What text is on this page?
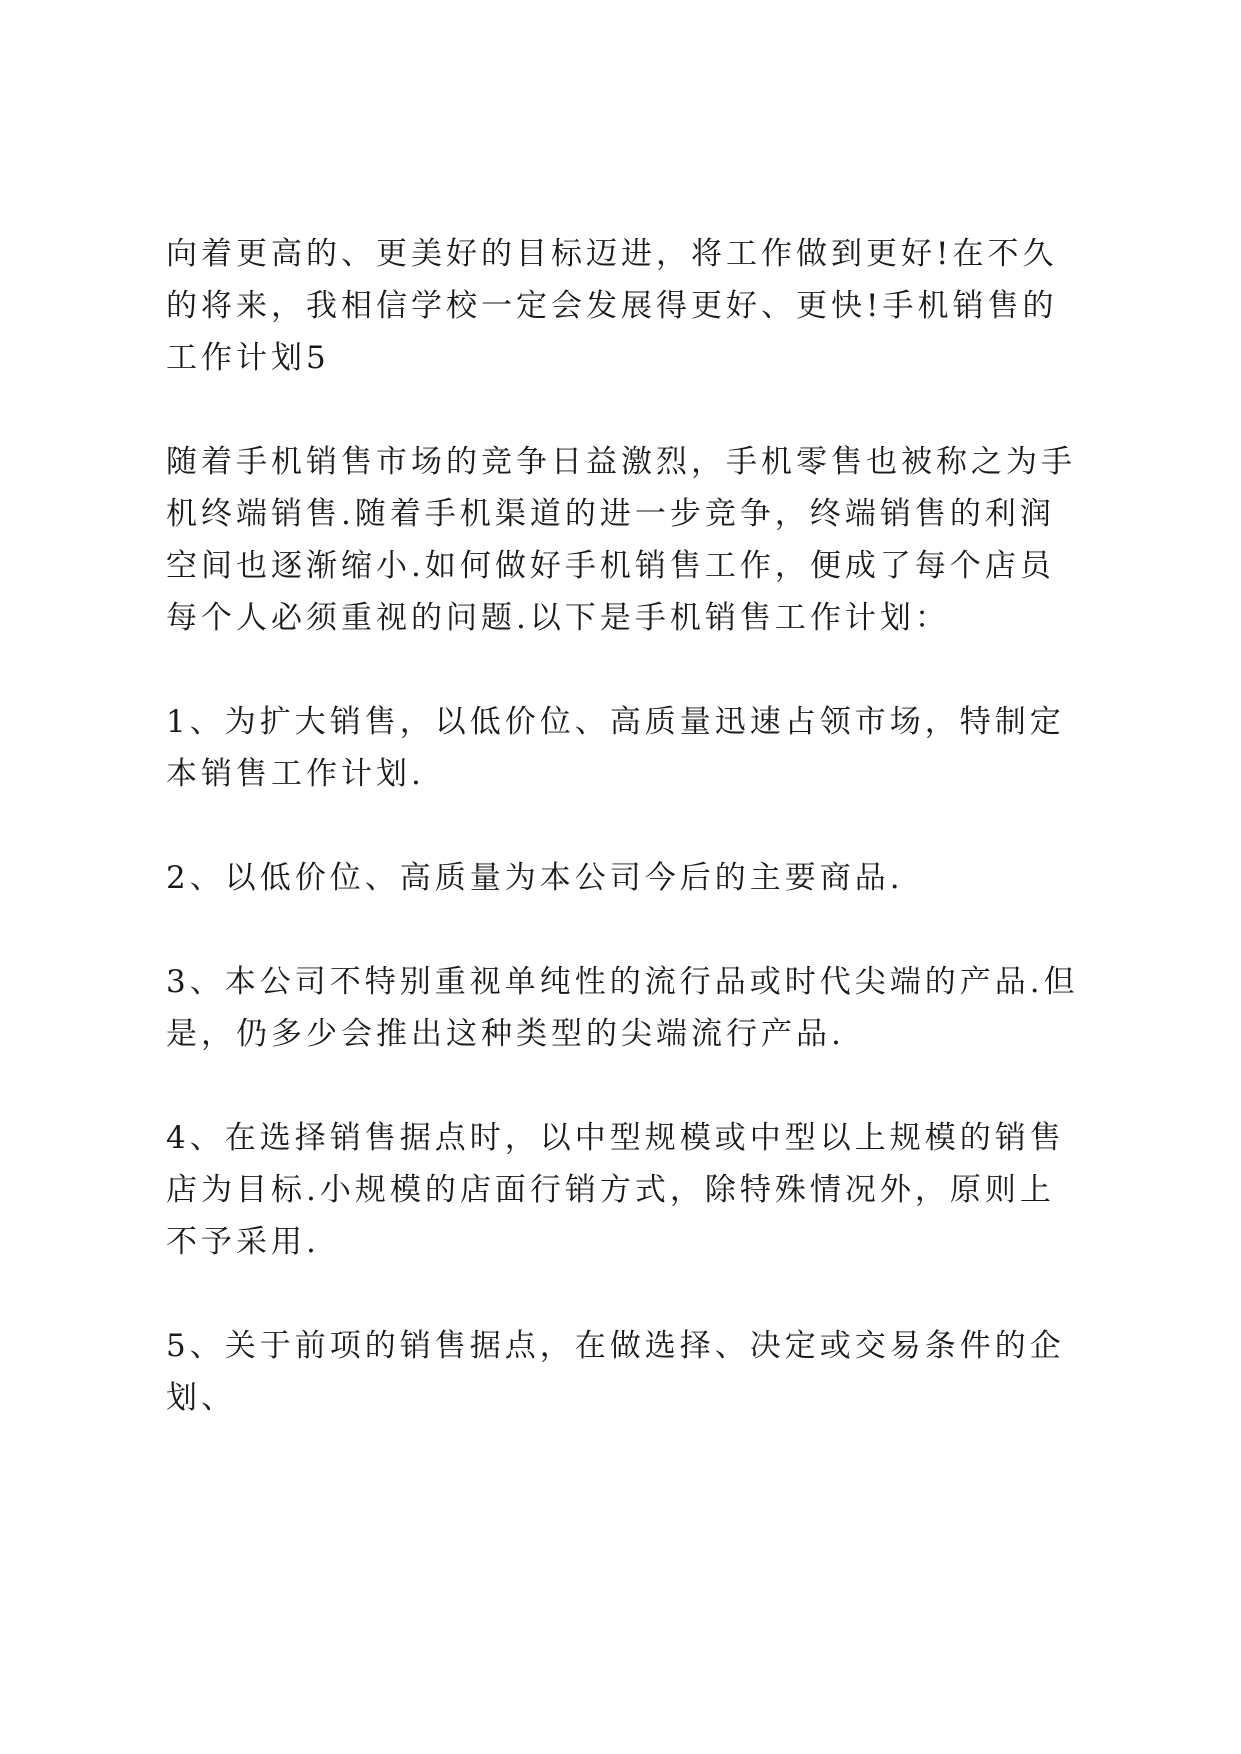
向着更高的、更美好的目标迈进，将工作做到更好!在不久的将来，我相信学校一定会发展得更好、更快!手机销售的工作计划5

随着手机销售市场的竞争日益激烈，手机零售也被称之为手机终端销售.随着手机渠道的进一步竞争，终端销售的利润空间也逐渐缩小.如何做好手机销售工作，便成了每个店员每个人必须重视的问题.以下是手机销售工作计划：

1、为扩大销售，以低价位、高质量迅速占领市场，特制定本销售工作计划.

2、以低价位、高质量为本公司今后的主要商品.

3、本公司不特别重视单纯性的流行品或时代尖端的产品.但是，仍多少会推出这种类型的尖端流行产品.

4、在选择销售据点时，以中型规模或中型以上规模的销售店为目标.小规模的店面行销方式，除特殊情况外，原则上不予采用.

5、关于前项的销售据点，在做选择、决定或交易条件的企划、
